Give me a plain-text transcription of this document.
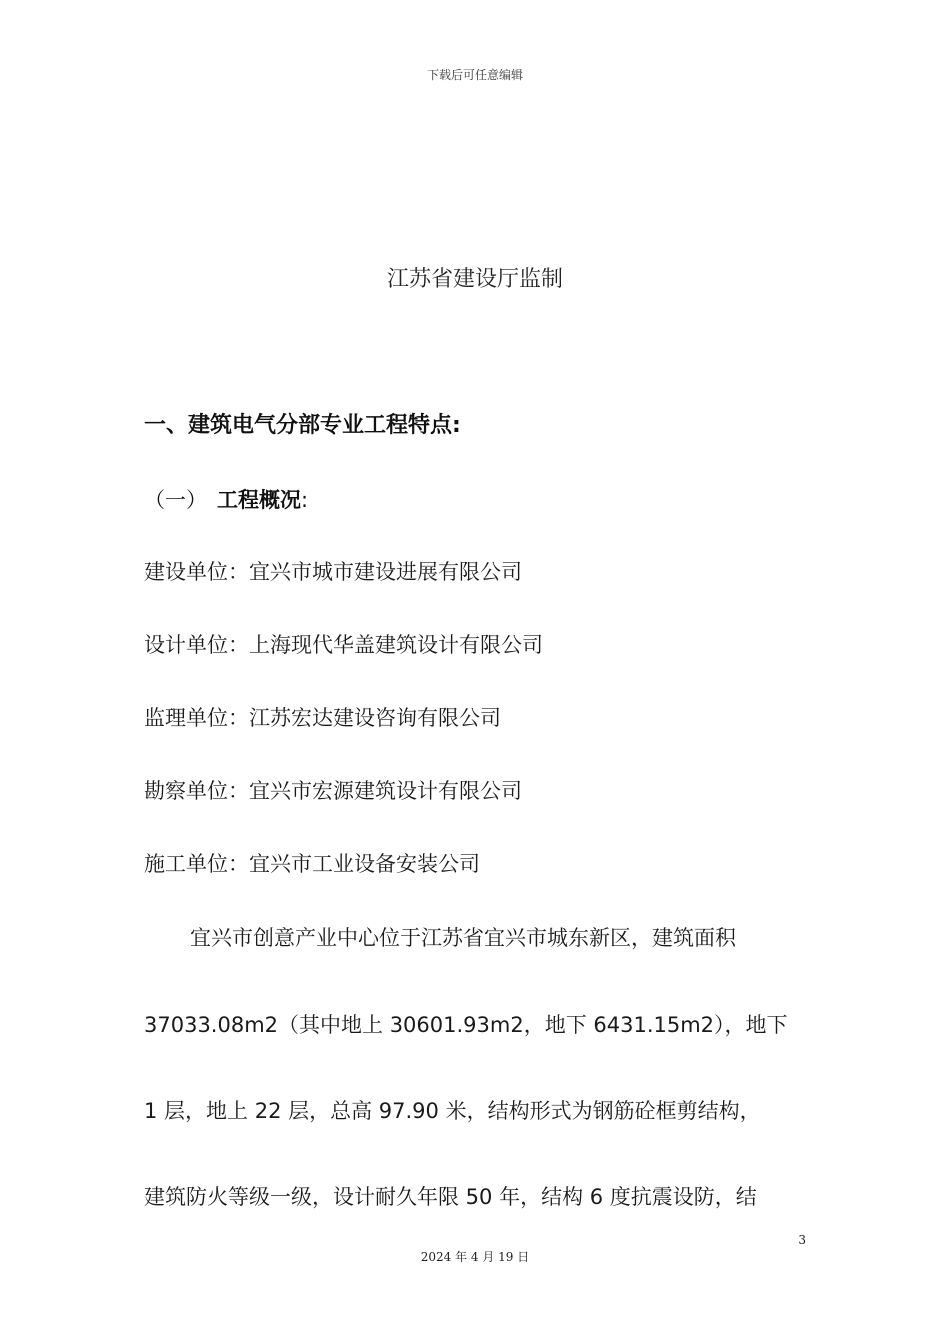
下载后可任意编辑
江苏省建设厅监制
一、建筑电气分部专业工程特点:
（一） 工程概况:
建设单位：宜兴市城市建设进展有限公司
设计单位：上海现代华盖建筑设计有限公司
监理单位：江苏宏达建设咨询有限公司
勘察单位：宜兴市宏源建筑设计有限公司
施工单位：宜兴市工业设备安装公司
宜兴市创意产业中心位于江苏省宜兴市城东新区，建筑面积
37033.08m2（其中地上 30601.93m2，地下 6431.15m2），地下
1 层，地上 22 层，总高 97.90 米，结构形式为钢筋砼框剪结构，
建筑防火等级一级，设计耐久年限 50 年，结构 6 度抗震设防，结
3
2024 年 4 月 19 日
